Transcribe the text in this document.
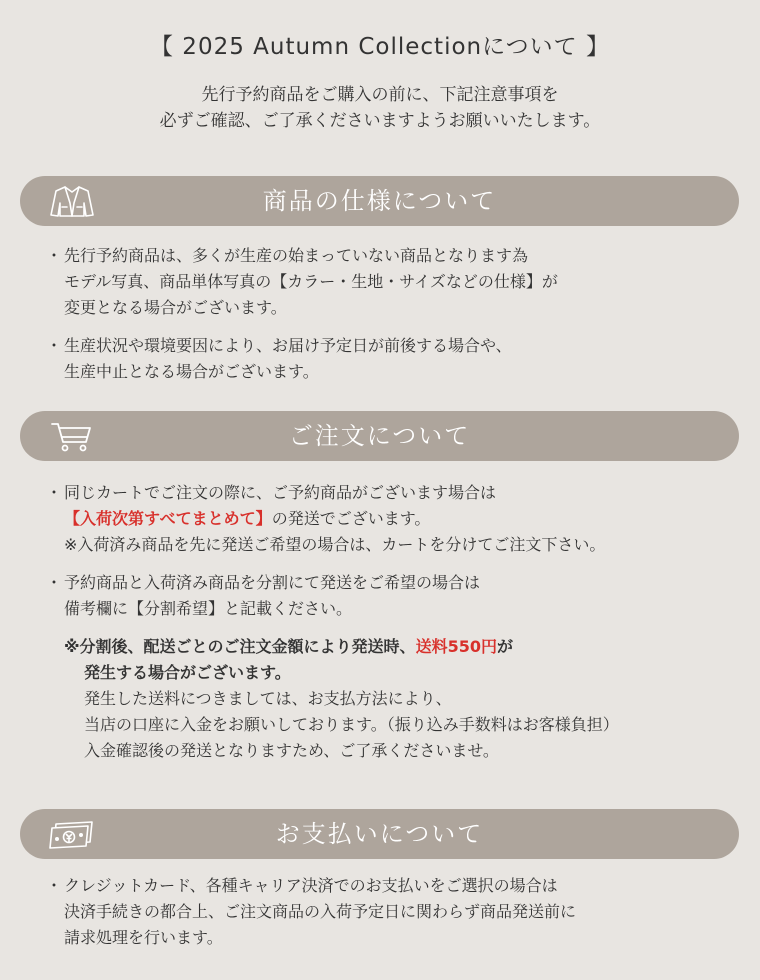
【 2025 Autumn Collectionについて 】
先行予約商品をご購入の前に、下記注意事項を
必ずご確認、ご了承くださいますようお願いいたします。
商品の仕様について
・ 先行予約商品は、多くが生産の始まっていない商品となります為
モデル写真、商品単体写真の【カラー・生地・サイズなどの仕様】が
変更となる場合がございます。
・ 生産状況や環境要因により、お届け予定日が前後する場合や、
生産中止となる場合がございます。
ご注文について
・ 同じカートでご注文の際に、ご予約商品がございます場合は
【入荷次第すべてまとめて】の発送でございます。
※入荷済み商品を先に発送ご希望の場合は、カートを分けてご注文下さい。
・ 予約商品と入荷済み商品を分割にて発送をご希望の場合は
備考欄に【分割希望】と記載ください。
※分割後、配送ごとのご注文金額により発送時、送料550円が
発生する場合がございます。
発生した送料につきましては、お支払方法により、
当店の口座に入金をお願いしております。（振り込み手数料はお客様負担）
入金確認後の発送となりますため、ご了承くださいませ。
お支払いについて
・ クレジットカード、各種キャリア決済でのお支払いをご選択の場合は
決済手続きの都合上、ご注文商品の入荷予定日に関わらず商品発送前に
請求処理を行います。
